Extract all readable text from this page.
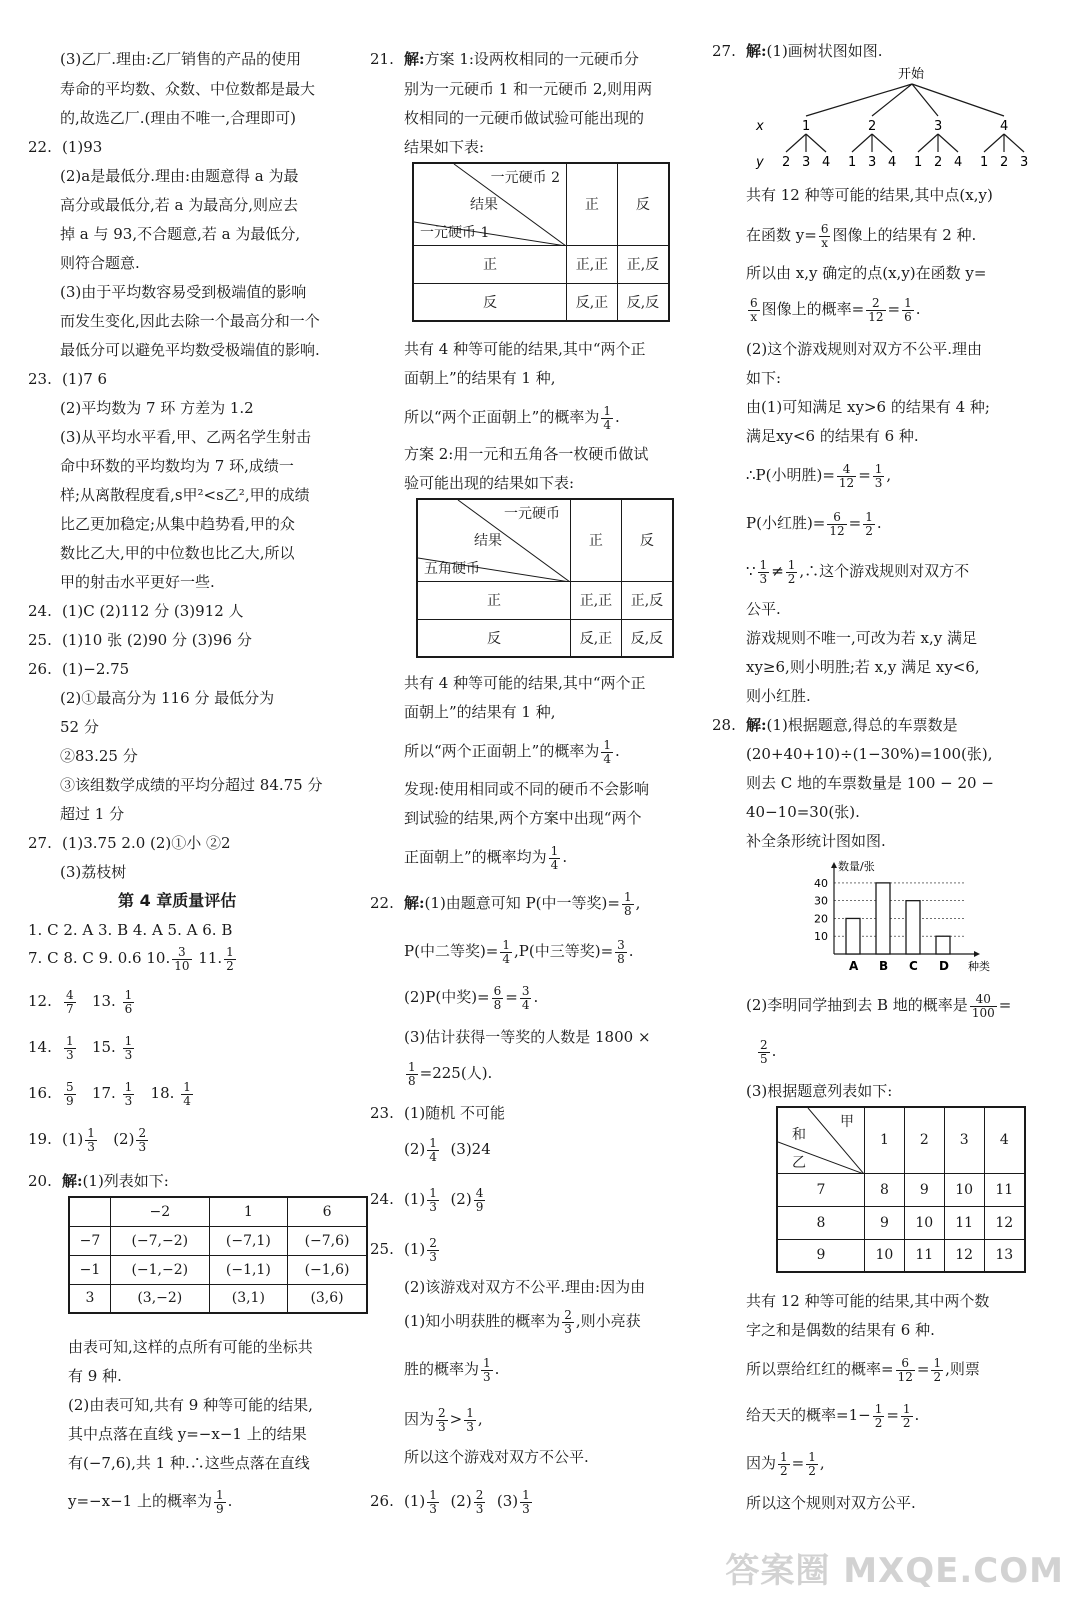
(3)乙厂.理由:乙厂销售的产品的使用
寿命的平均数、众数、中位数都是最大
的,故选乙厂.(理由不唯一,合理即可)
22. (1)93
(2)a是最低分.理由:由题意得 a 为最
高分或最低分,若 a 为最高分,则应去
掉 a 与 93,不合题意,若 a 为最低分,
则符合题意.
(3)由于平均数容易受到极端值的影响
而发生变化,因此去除一个最高分和一个
最低分可以避免平均数受极端值的影响.
23. (1)7 6
(2)平均数为 7 环 方差为 1.2
(3)从平均水平看,甲、乙两名学生射击
命中环数的平均数均为 7 环,成绩一
样;从离散程度看,s甲²<s乙²,甲的成绩
比乙更加稳定;从集中趋势看,甲的众
数比乙大,甲的中位数也比乙大,所以
甲的射击水平更好一些.
24. (1)C (2)112 分 (3)912 人
25. (1)10 张 (2)90 分 (3)96 分
26. (1)−2.75
(2)①最高分为 116 分 最低分为
52 分
②83.25 分
③该组数学成绩的平均分超过 84.75 分
超过 1 分
27. (1)3.75 2.0 (2)①小 ②2
(3)荔枝树
第 4 章质量评估
1. C 2. A 3. B 4. A 5. A 6. B
7. C 8. C 9. 0.6 10. $\frac{3}{10} 11$. $\frac{1}{2}$
12. $\frac{4}{7} 13$. $\frac{1}{6}$
14. $\frac{1}{3} 15$. $\frac{1}{3}$
16. $\frac{5}{9} 17$. $\frac{1}{3} 18$. $\frac{1}{4}$
19. $(1) \frac{1}{3} (2) \frac{2}{3}$
20. 解:(1)列表如下:
	−2	1	6
−7	(−7,−2)	(−7,1)	(−7,6)
−1	(−1,−2)	(−1,1)	(−1,6)
3	(3,−2)	(3,1)	(3,6)
由表可知,这样的点所有可能的坐标共
有 9 种.
(2)由表可知,共有 9 种等可能的结果,
其中点落在直线 y=−x−1 上的结果
有(−7,6),共 1 种.∴这些点落在直线
y=−x−1 上的概率为 $\frac{1}{9}$ .
21. 解:方案 1:设两枚相同的一元硬币分
别为一元硬币 1 和一元硬币 2,则用两
枚相同的一元硬币做试验可能出现的
结果如下表:
一元硬币 2
结果
一元硬币 1	正	反
正	正,正	正,反
反	反,正	反,反
共有 4 种等可能的结果,其中“两个正
面朝上”的结果有 1 种,
所以“两个正面朝上”的概率为 $\frac{1}{4}$ .
方案 2:用一元和五角各一枚硬币做试
验可能出现的结果如下表:
一元硬币
结果
五角硬币	正	反
正	正,正	正,反
反	反,正	反,反
共有 4 种等可能的结果,其中“两个正
面朝上”的结果有 1 种,
所以“两个正面朝上”的概率为 $\frac{1}{4}$ .
发现:使用相同或不同的硬币不会影响
到试验的结果,两个方案中出现“两个
正面朝上”的概率均为 $\frac{1}{4}$ .
22. 解:(1)由题意可知 P(中一等奖)= $\frac{1}{8}$ ,
P(中二等奖)= $\frac{1}{4} ,P$(中三等奖)= $\frac{3}{8}$ .
(2)P(中奖)= $\frac{6}{8} = \frac{3}{4}$ .
(3)估计获得一等奖的人数是 1800 ×
$\frac{1}{8} =225$(人).
23. (1)随机 不可能
$(2) \frac{1}{4} (3)24$
24. $(1) \frac{1}{3} (2) \frac{4}{9}$
25. $(1) \frac{2}{3}$
(2)该游戏对双方不公平.理由:因为由
(1)知小明获胜的概率为 $\frac{2}{3}$ ,则小亮获
胜的概率为 $\frac{1}{3}$ .
因为 $\frac{2}{3} > \frac{1}{3}$ ,
所以这个游戏对双方不公平.
26. $(1) \frac{1}{3} (2) \frac{2}{3} (3) \frac{1}{3}$
27. 解:(1)画树状图如图.
开始
x
y
1
2 3 4
2
1 3 4
3
1 2 4
4
1 2 3
共有 12 种等可能的结果,其中点(x,y)
在函数 $y= \frac{6}{x}$ 图像上的结果有 2 种.
所以由 x,y 确定的点(x,y)在函数 y=
$\frac{6}{x}$ 图像上的概率= $\frac{2}{12} = \frac{1}{6}$ .
(2)这个游戏规则对双方不公平.理由
如下:
由(1)可知满足 xy>6 的结果有 4 种;
满足xy<6 的结果有 6 种.
∴P(小明胜)= $\frac{4}{12} = \frac{1}{3}$ ,
P(小红胜)= $\frac{6}{12} = \frac{1}{2}$ .
∵ $\frac{1}{3} \ne \frac{1}{2}$ ,∴这个游戏规则对双方不
公平.
游戏规则不唯一,可改为若 x,y 满足
xy≥6,则小明胜;若 x,y 满足 xy<6,
则小红胜.
28. 解:(1)根据题意,得总的车票数是
(20+40+10)÷(1−30%)=100(张),
则去 C 地的车票数量是 100 − 20 −
40−10=30(张).
补全条形统计图如图.
数量/张
种类
10
20
30
40
A B C D
(2)李明同学抽到去 B 地的概率是 $\frac{40}{100}$ =
$\frac{2}{5}$ .
(3)根据题意列表如下:
甲
和
乙	1	2	3	4
7	8	9	10	11
8	9	10	11	12
9	10	11	12	13
共有 12 种等可能的结果,其中两个数
字之和是偶数的结果有 6 种.
所以票给红红的概率= $\frac{6}{12} = \frac{1}{2}$ ,则票
给天天的概率$=1- \frac{1}{2} = \frac{1}{2}$ .
因为 $\frac{1}{2} = \frac{1}{2}$ ,
所以这个规则对双方公平.
答案圈 MXQE.COM
